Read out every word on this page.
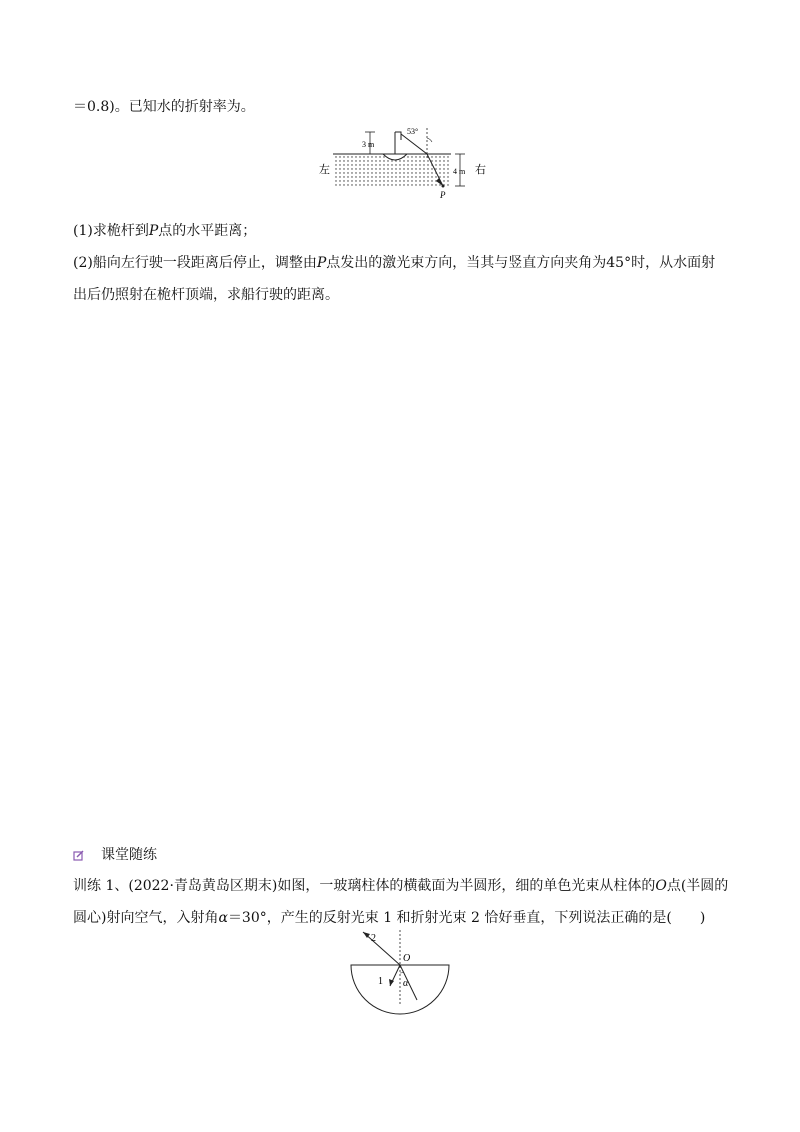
＝0.8)。已知水的折射率为。
3 m
53°
4 m
左	右
P
(1)求桅杆到P点的水平距离；
(2)船向左行驶一段距离后停止，调整由P点发出的激光束方向，当其与竖直方向夹角为45°时，从水面射
出后仍照射在桅杆顶端，求船行驶的距离。
课堂随练
训练 1、(2022·青岛黄岛区期末)如图，一玻璃柱体的横截面为半圆形，细的单色光束从柱体的O点(半圆的
圆心)射向空气，入射角α＝30°，产生的反射光束 1 和折射光束 2 恰好垂直，下列说法正确的是(　　)
2
O
1 α
